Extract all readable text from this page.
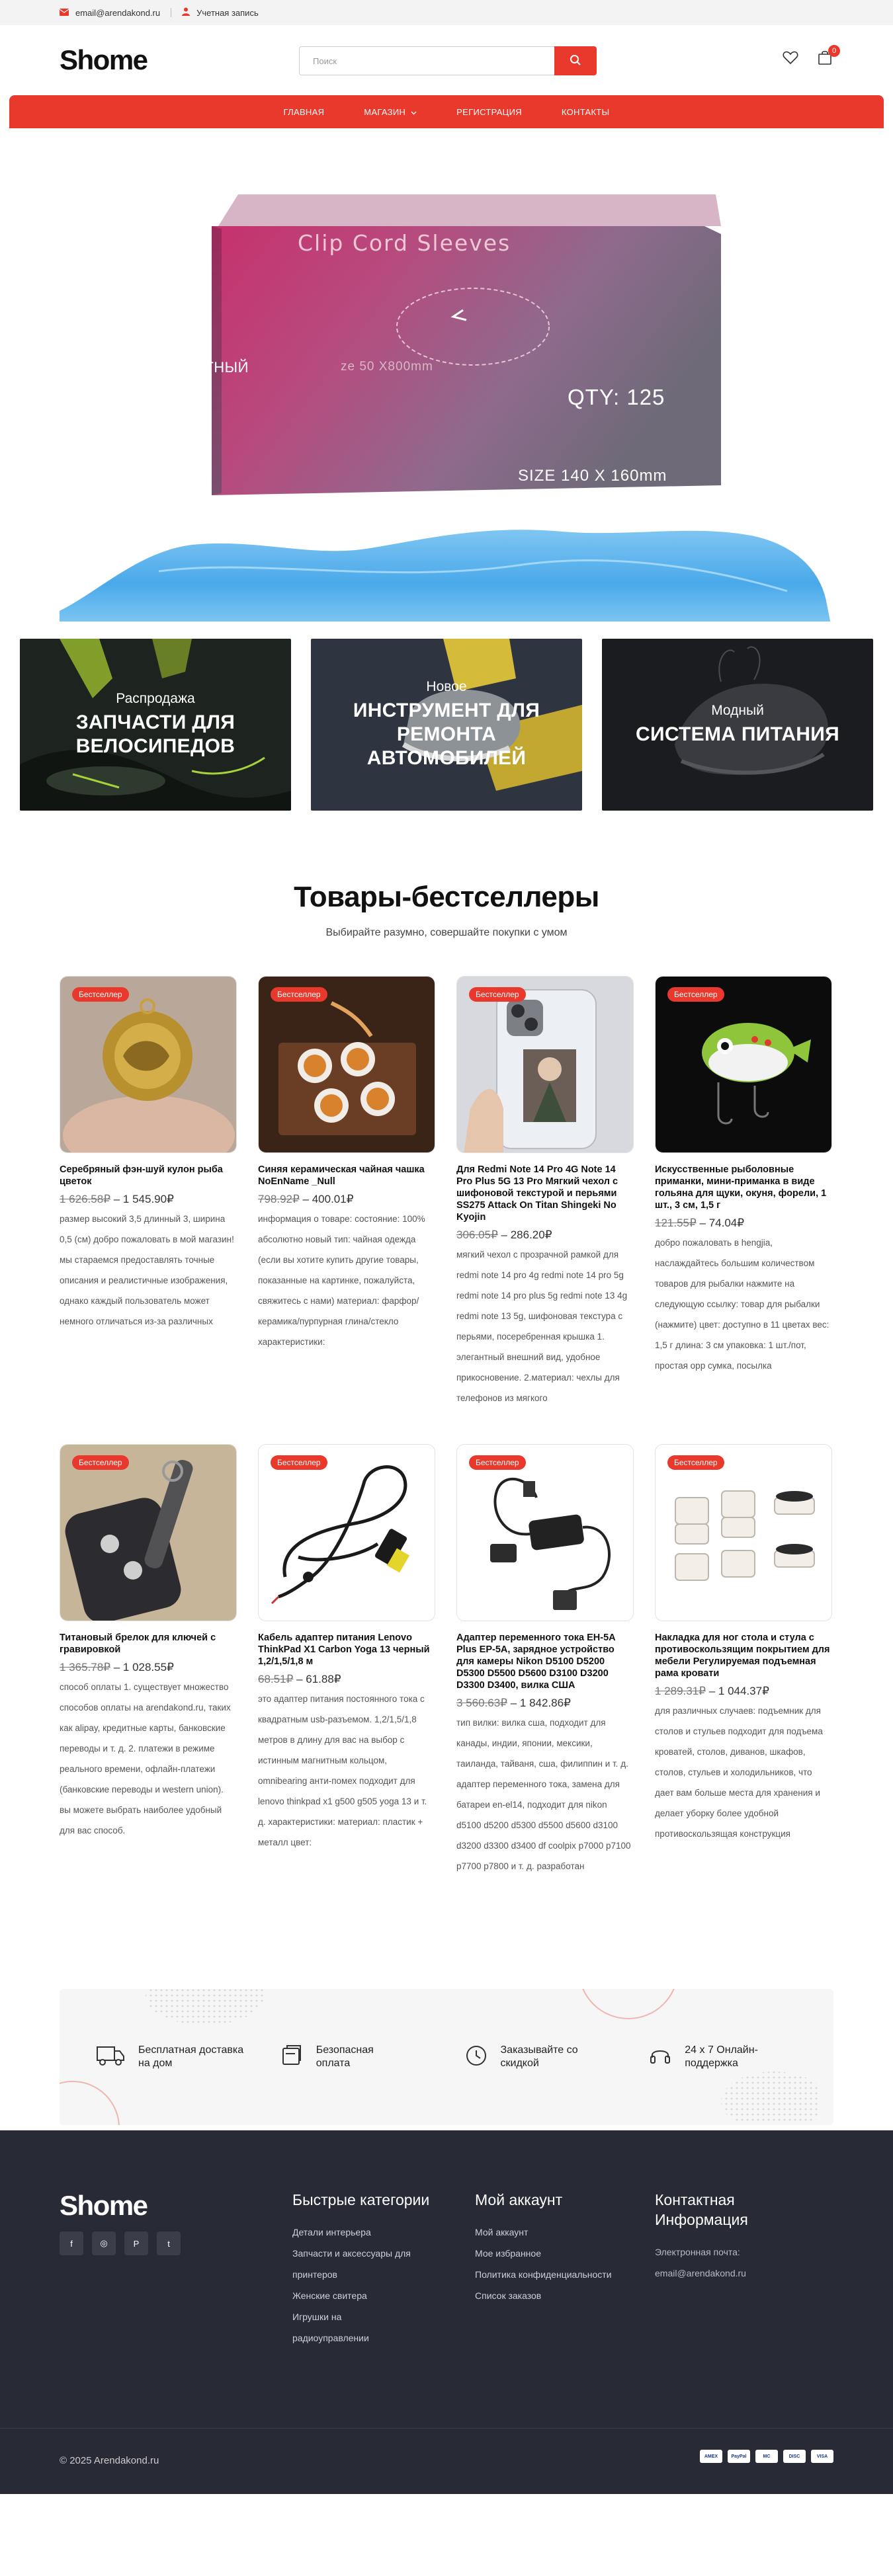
email@arendakond.ru	Учетная запись
Shome
Поиск	0
ГЛАВНАЯ	МАГАЗИН	РЕГИСТРАЦИЯ	КОНТАКТЫ
Clip Cord Sleeves
ze 50 X800mm
QTY: 125
SIZE 140 X 160mm
УР ДЛЯ
УКАВА
Й ЗАЩИТНЫЙ
ШИНКИ
Распродажа
ЗАПЧАСТИ ДЛЯ
ВЕЛОСИПЕДОВ
Новое
ИНСТРУМЕНТ ДЛЯ
РЕМОНТА
АВТОМОБИЛЕЙ
Модный
СИСТЕМА ПИТАНИЯ
Товары-бестселлеры
Выбирайте разумно, совершайте покупки с умом
Бестселлер
Серебряный фэн-шуй кулон рыба цветок
1 626.58₽ – 1 545.90₽
размер высокий 3,5 длинный 3, ширина 0,5 (см) добро пожаловать в мой магазин! мы стараемся предоставлять точные описания и реалистичные изображения, однако каждый пользователь может немного отличаться из-за различных
Бестселлер
Синяя керамическая чайная чашка NoEnName _Null
798.92₽ – 400.01₽
информация о товаре: состояние: 100% абсолютно новый тип: чайная одежда (если вы хотите купить другие товары, показанные на картинке, пожалуйста, свяжитесь с нами) материал: фарфор/керамика/пурпурная глина/стекло характеристики:
Бестселлер
Для Redmi Note 14 Pro 4G Note 14 Pro Plus 5G 13 Pro Мягкий чехол с шифоновой текстурой и перьями SS275 Attack On Titan Shingeki No Kyojin
306.05₽ – 286.20₽
мягкий чехол с прозрачной рамкой для redmi note 14 pro 4g redmi note 14 pro 5g redmi note 14 pro plus 5g redmi note 13 4g redmi note 13 5g, шифоновая текстура с перьями, посеребренная крышка 1. элегантный внешний вид, удобное прикосновение. 2.материал: чехлы для телефонов из мягкого
Бестселлер
Искусственные рыболовные приманки, мини-приманка в виде гольяна для щуки, окуня, форели, 1 шт., 3 см, 1,5 г
121.55₽ – 74.04₽
добро пожаловать в hengjia, наслаждайтесь большим количеством товаров для рыбалки нажмите на следующую ссылку: товар для рыбалки (нажмите) цвет: доступно в 11 цветах вес: 1,5 г длина: 3 см упаковка: 1 шт./пот, простая opp сумка, посылка
Бестселлер
Титановый брелок для ключей с гравировкой
1 365.78₽ – 1 028.55₽
способ оплаты 1. существует множество способов оплаты на arendakond.ru, таких как alipay, кредитные карты, банковские переводы и т. д. 2. платежи в режиме реального времени, офлайн-платежи (банковские переводы и western union). вы можете выбрать наиболее удобный для вас способ.
Бестселлер
Кабель адаптер питания Lenovo ThinkPad X1 Carbon Yoga 13 черный 1,2/1,5/1,8 м
68.51₽ – 61.88₽
это адаптер питания постоянного тока с квадратным usb-разъемом. 1,2/1,5/1,8 метров в длину для вас на выбор с истинным магнитным кольцом, omnibearing анти-помех подходит для lenovo thinkpad x1 g500 g505 yoga 13 и т. д. характеристики: материал: пластик + металл цвет:
Бестселлер
Адаптер переменного тока EH-5A Plus EP-5A, зарядное устройство для камеры Nikon D5100 D5200 D5300 D5500 D5600 D3100 D3200 D3300 D3400, вилка США
3 560.63₽ – 1 842.86₽
тип вилки: вилка сша, подходит для канады, индии, японии, мексики, таиланда, тайваня, сша, филиппин и т. д. адаптер переменного тока, замена для батареи en-el14, подходит для nikon d5100 d5200 d5300 d5500 d5600 d3100 d3200 d3300 d3400 df coolpix p7000 p7100 p7700 p7800 и т. д. разработан
Бестселлер
Накладка для ног стола и стула с противоскользящим покрытием для мебели Регулируемая подъемная рама кровати
1 289.31₽ – 1 044.37₽
для различных случаев: подъемник для столов и стульев подходит для подъема кроватей, столов, диванов, шкафов, столов, стульев и холодильников, что дает вам больше места для хранения и делает уборку более удобной противоскользящая конструкция
Бесплатная доставка
на дом
Безопасная
оплата
Заказывайте со
скидкой
24 x 7 Онлайн-
поддержка
Shome
f	◎	P	t
Быстрые категории
Детали интерьера
Запчасти и аксессуары для
принтеров
Женские свитера
Игрушки на
радиоуправлении
Мой аккаунт
Мой аккаунт
Мое избранное
Политика конфиденциальности
Список заказов
Контактная
Информация
Электронная почта:
email@arendakond.ru
© 2025 Arendakond.ru	AMEX	PayPal	MC	DISC	VISA
